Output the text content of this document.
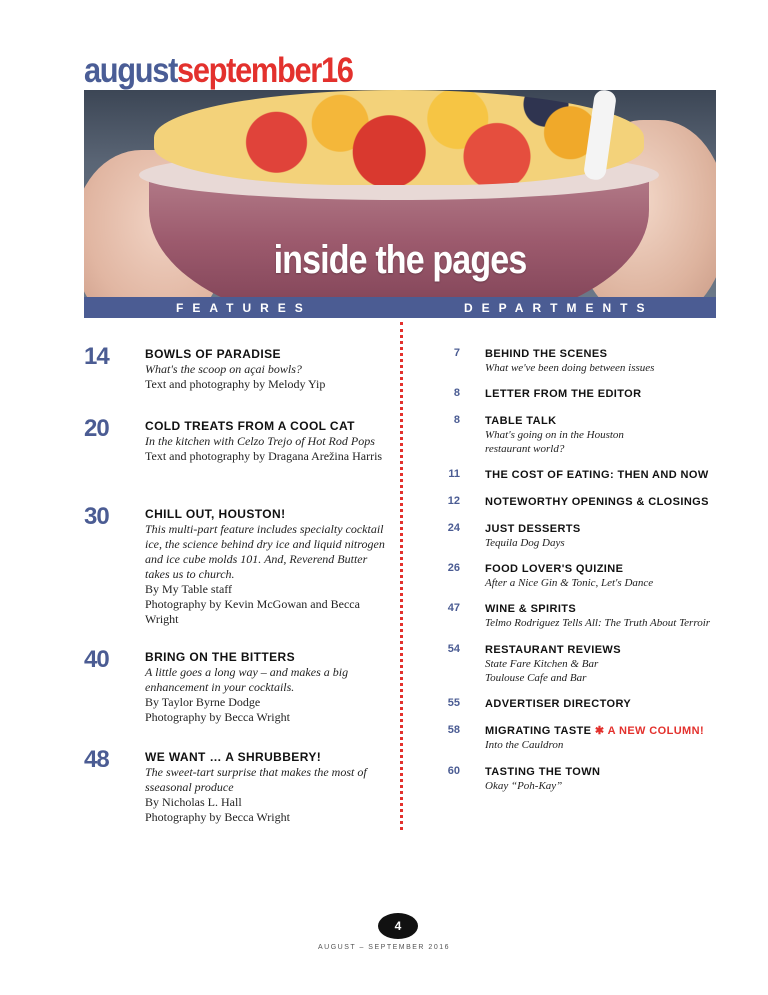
augustseptember16
inside the pages
FEATURES	DEPARTMENTS
14	BOWLS OF PARADISE
What's the scoop on açai bowls?
Text and photography by Melody Yip
20	COLD TREATS FROM A COOL CAT
In the kitchen with Celzo Trejo of Hot Rod Pops
Text and photography by Dragana Arežina Harris
30	CHILL OUT, HOUSTON!
This multi-part feature includes specialty cocktail ice, the science behind dry ice and liquid nitrogen and ice cube molds 101. And, Reverend Butter takes us to church.
By My Table staff
Photography by Kevin McGowan and Becca Wright
40	BRING ON THE BITTERS
A little goes a long way – and makes a big enhancement in your cocktails.
By Taylor Byrne Dodge
Photography by Becca Wright
48	WE WANT … A SHRUBBERY!
The sweet-tart surprise that makes the most of sseasonal produce
By Nicholas L. Hall
Photography by Becca Wright
7	BEHIND THE SCENES
What we've been doing between issues
8	LETTER FROM THE EDITOR
8	TABLE TALK
What's going on in the Houston restaurant world?
11	THE COST OF EATING: THEN AND NOW
12	NOTEWORTHY OPENINGS & CLOSINGS
24	JUST DESSERTS
Tequila Dog Days
26	FOOD LOVER'S QUIZINE
After a Nice Gin & Tonic, Let's Dance
47	WINE & SPIRITS
Telmo Rodriguez Tells All: The Truth About Terroir
54	RESTAURANT REVIEWS
State Fare Kitchen & Bar
Toulouse Cafe and Bar
55	ADVERTISER DIRECTORY
58	MIGRATING TASTE ✱ A NEW COLUMN!
Into the Cauldron
60	TASTING THE TOWN
Okay “Poh-Kay”
4
AUGUST – SEPTEMBER 2016
